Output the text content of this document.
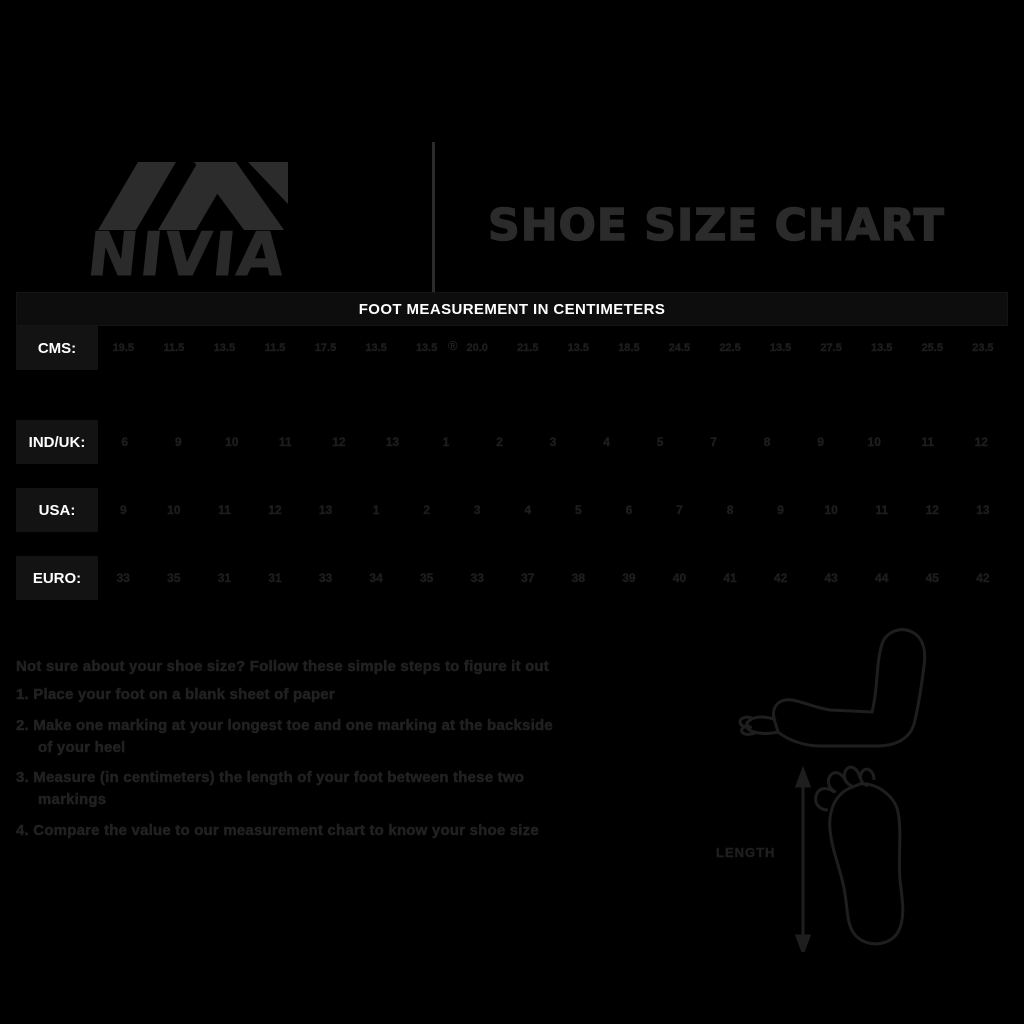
NIVIA
®
SHOE SIZE CHART
FOOT MEASUREMENT IN CENTIMETERS
CMS:	19.5	11.5	13.5	11.5	17.5	13.5	13.5	20.0	21.5	13.5	18.5	24.5	22.5	13.5	27.5	13.5	25.5	23.5
IND/UK:	6	9	10	11	12	13	1	2	3	4	5	7	8	9	10	11	12
USA:	9	10	11	12	13	1	2	3	4	5	6	7	8	9	10	11	12	13
EURO:	33	35	31	31	33	34	35	33	37	38	39	40	41	42	43	44	45	42
Not sure about your shoe size? Follow these simple steps to figure it out
1. Place your foot on a blank sheet of paper
2. Make one marking at your longest toe and one marking at the backside
of your heel
3. Measure (in centimeters) the length of your foot between these two
markings
4. Compare the value to our measurement chart to know your shoe size
LENGTH
